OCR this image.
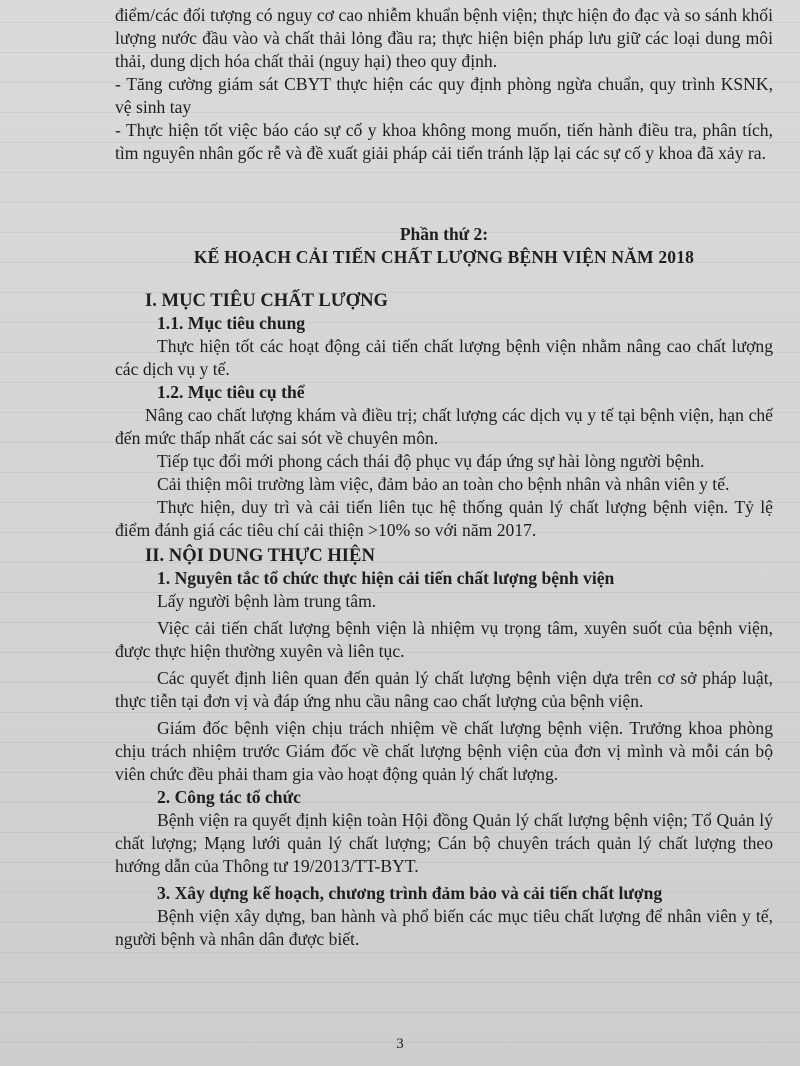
điểm/các đối tượng có nguy cơ cao nhiễm khuẩn bệnh viện; thực hiện đo đạc và so sánh khối lượng nước đầu vào và chất thải lỏng đầu ra; thực hiện biện pháp lưu giữ các loại dung môi thải, dung dịch hóa chất thải (nguy hại) theo quy định.

- Tăng cường giám sát CBYT thực hiện các quy định phòng ngừa chuẩn, quy trình KSNK, vệ sinh tay

- Thực hiện tốt việc báo cáo sự cố y khoa không mong muốn, tiến hành điều tra, phân tích, tìm nguyên nhân gốc rễ và đề xuất giải pháp cải tiến tránh lặp lại các sự cố y khoa đã xảy ra.

Phần thứ 2:

KẾ HOẠCH CẢI TIẾN CHẤT LƯỢNG BỆNH VIỆN NĂM 2018

I. MỤC TIÊU CHẤT LƯỢNG

1.1. Mục tiêu chung

Thực hiện tốt các hoạt động cải tiến chất lượng bệnh viện nhằm nâng cao chất lượng các dịch vụ y tế.

1.2. Mục tiêu cụ thể

Nâng cao chất lượng khám và điều trị; chất lượng các dịch vụ y tế tại bệnh viện, hạn chế đến mức thấp nhất các sai sót về chuyên môn.

Tiếp tục đổi mới phong cách thái độ phục vụ đáp ứng sự hài lòng người bệnh.

Cải thiện môi trường làm việc, đảm bảo an toàn cho bệnh nhân và nhân viên y tế.

Thực hiện, duy trì và cải tiến liên tục hệ thống quản lý chất lượng bệnh viện. Tỷ lệ điểm đánh giá các tiêu chí cải thiện >10% so với năm 2017.

II. NỘI DUNG THỰC HIỆN

1. Nguyên tắc tổ chức thực hiện cải tiến chất lượng bệnh viện

Lấy người bệnh làm trung tâm.

Việc cải tiến chất lượng bệnh viện là nhiệm vụ trọng tâm, xuyên suốt của bệnh viện, được thực hiện thường xuyên và liên tục.

Các quyết định liên quan đến quản lý chất lượng bệnh viện dựa trên cơ sở pháp luật, thực tiễn tại đơn vị và đáp ứng nhu cầu nâng cao chất lượng của bệnh viện.

Giám đốc bệnh viện chịu trách nhiệm về chất lượng bệnh viện. Trưởng khoa phòng chịu trách nhiệm trước Giám đốc về chất lượng bệnh viện của đơn vị mình và mỗi cán bộ viên chức đều phải tham gia vào hoạt động quản lý chất lượng.

2. Công tác tổ chức

Bệnh viện ra quyết định kiện toàn Hội đồng Quản lý chất lượng bệnh viện; Tổ Quản lý chất lượng; Mạng lưới quản lý chất lượng; Cán bộ chuyên trách quản lý chất lượng theo hướng dẫn của Thông tư 19/2013/TT-BYT.

3. Xây dựng kế hoạch, chương trình đảm bảo và cải tiến chất lượng

Bệnh viện xây dựng, ban hành và phổ biến các mục tiêu chất lượng để nhân viên y tế, người bệnh và nhân dân được biết.

3
